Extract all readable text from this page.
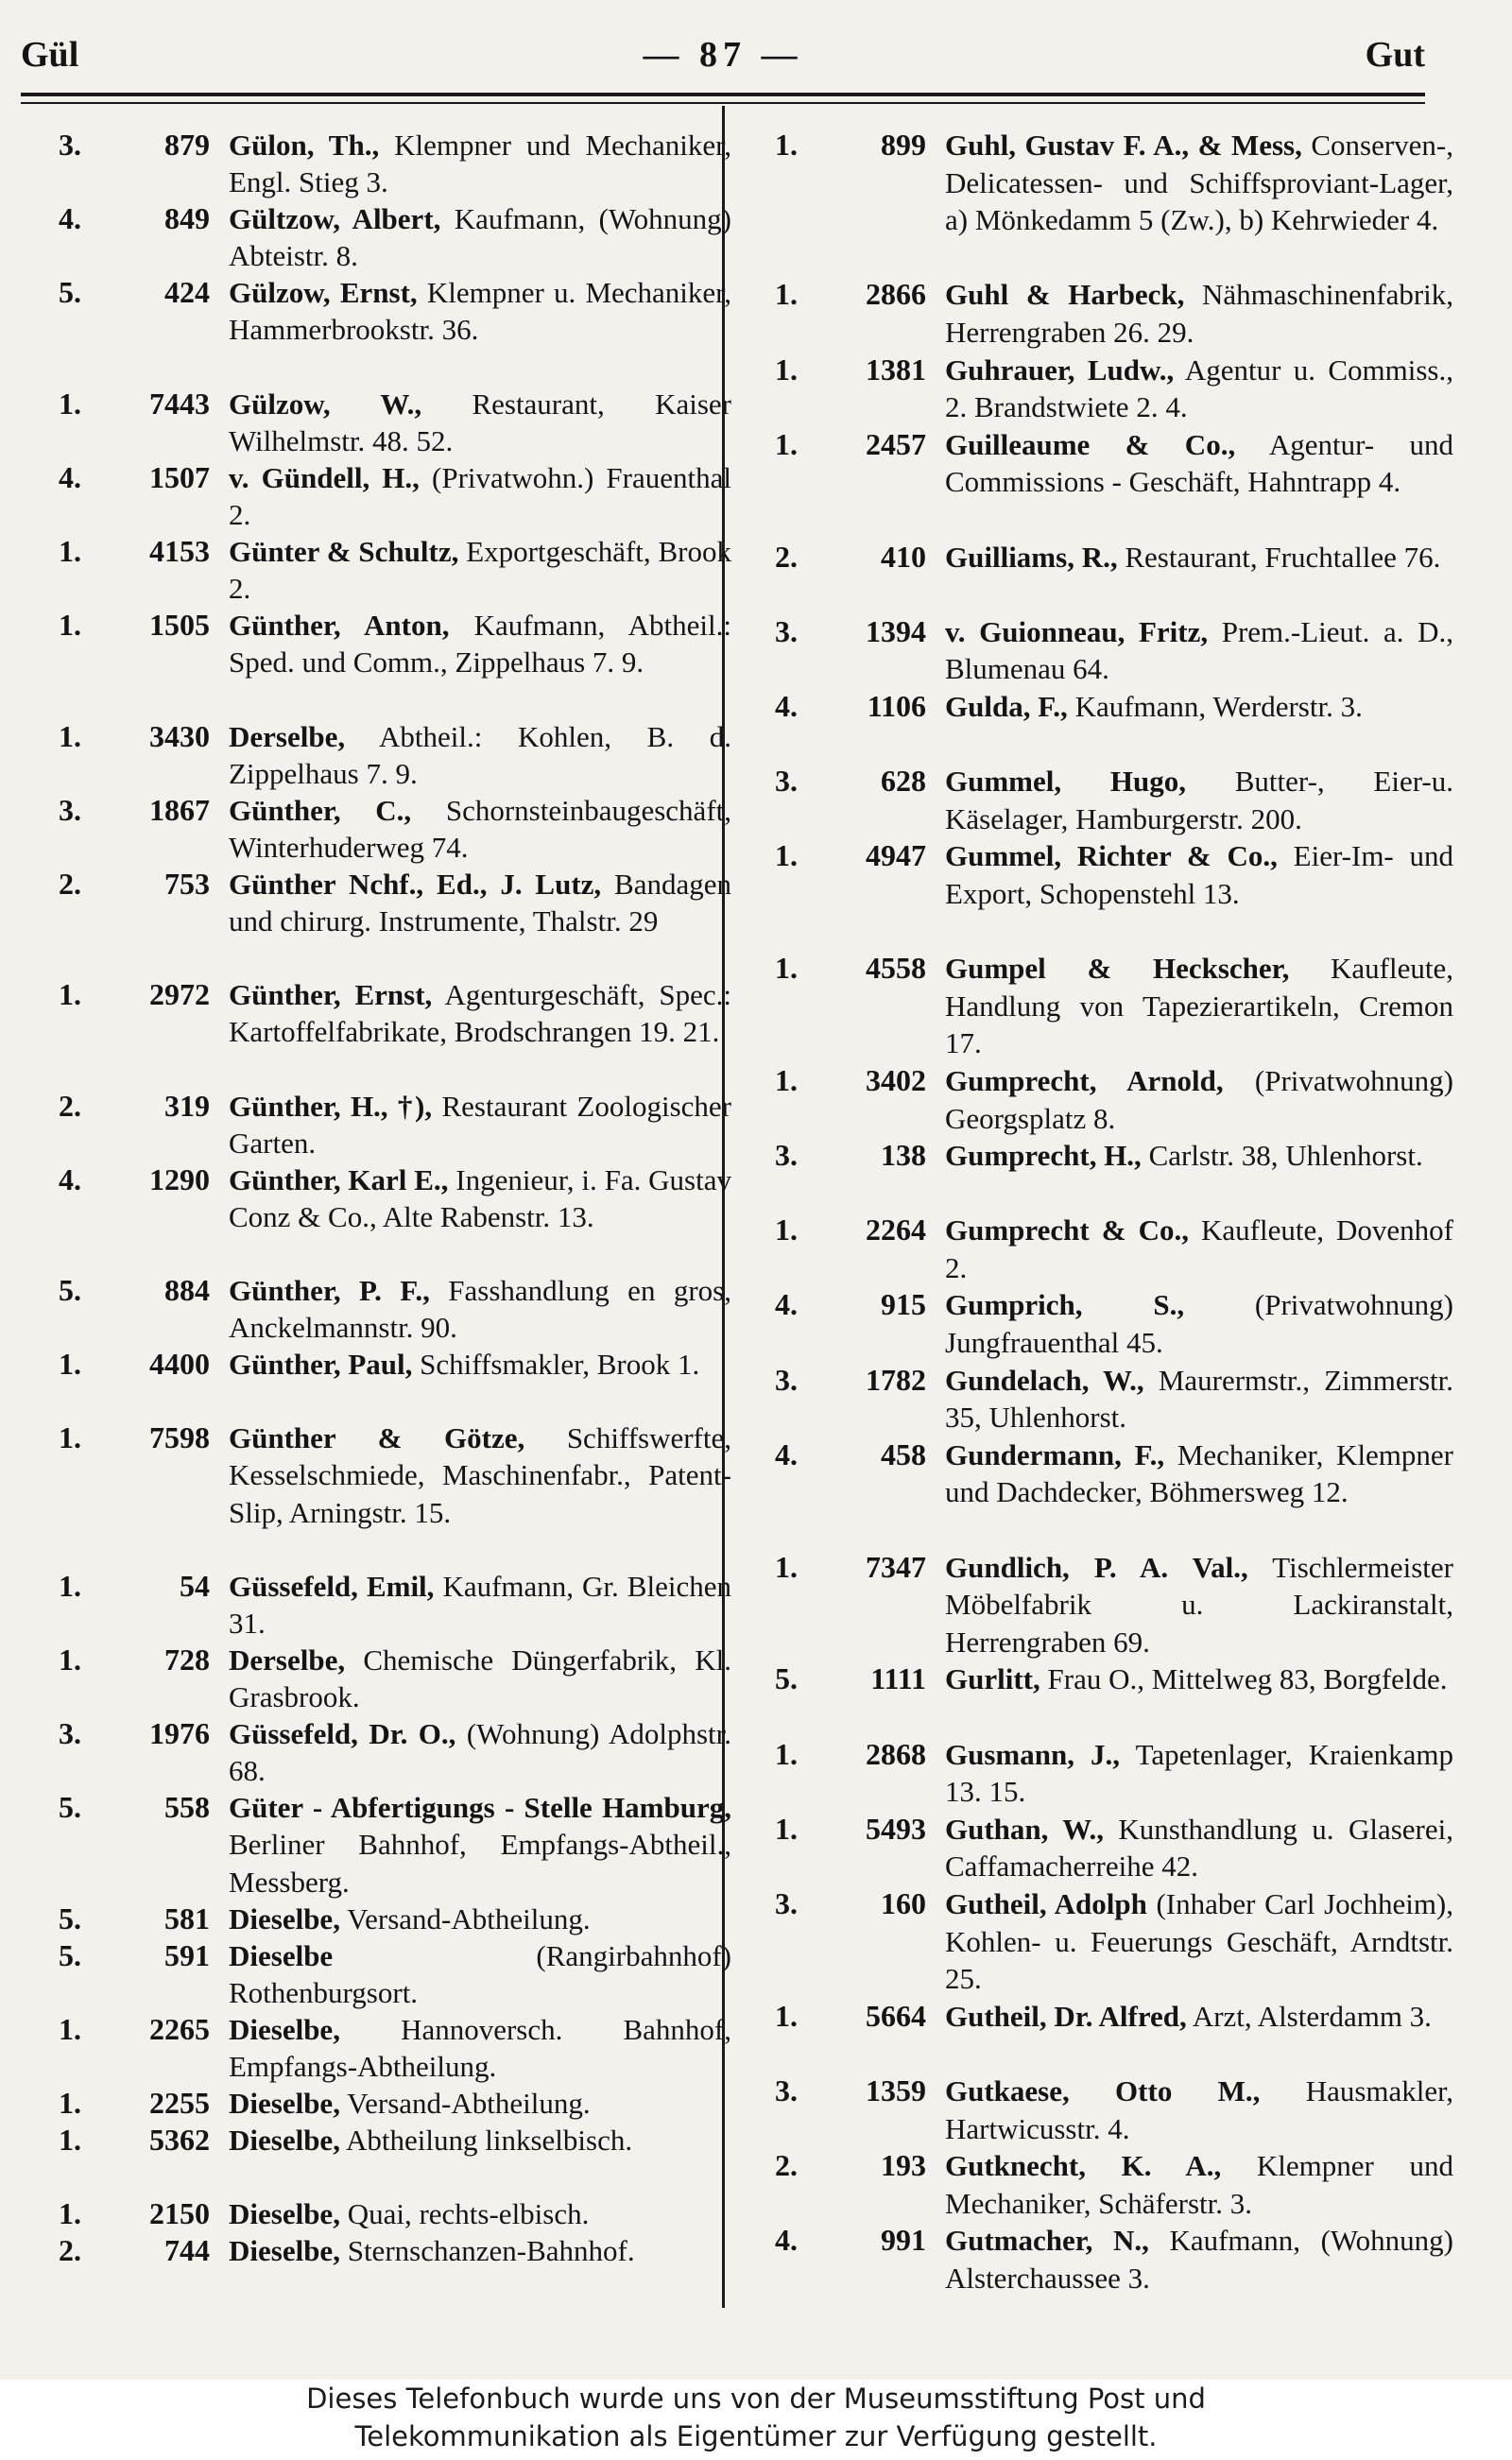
Gül	— 87 —	Gut
3.	879 Gülon, Th., Klempner und Mechaniker, Engl. Stieg 3.
4.	849 Gültzow, Albert, Kaufmann, (Wohnung) Abteistr. 8.
5.	424 Gülzow, Ernst, Klempner u. Mechaniker, Hammerbrookstr. 36.
1. 7443 Gülzow, W., Restaurant, Kaiser Wilhelmstr. 48. 52.
4. 1507 v. Gündell, H., (Privatwohn.) Frauenthal 2.
1. 4153 Günter & Schultz, Exportgeschäft, Brook 2.
1. 1505 Günther, Anton, Kaufmann, Abtheil.: Sped. und Comm., Zippelhaus 7. 9.
1. 3430 Derselbe, Abtheil.: Kohlen, B. d. Zippelhaus 7. 9.
3. 1867 Günther, C., Schornsteinbaugeschäft, Winterhuderweg 74.
2.	753 Günther Nchf., Ed., J. Lutz, Bandagen und chirurg. Instrumente, Thalstr. 29
1. 2972 Günther, Ernst, Agenturgeschäft, Spec.: Kartoffelfabrikate, Brodschrangen 19. 21.
2.	319 Günther, H., †), Restaurant Zoologischer Garten.
4. 1290 Günther, Karl E., Ingenieur, i. Fa. Gustav Conz & Co., Alte Rabenstr. 13.
5.	884 Günther, P. F., Fasshandlung en gros, Anckelmannstr. 90.
1. 4400 Günther, Paul, Schiffsmakler, Brook 1.
1. 7598 Günther & Götze, Schiffswerfte, Kesselschmiede, Maschinenfabr., Patent-Slip, Arningstr. 15.
1.	54 Güssefeld, Emil, Kaufmann, Gr. Bleichen 31.
1.	728 Derselbe, Chemische Düngerfabrik, Kl. Grasbrook.
3. 1976 Güssefeld, Dr. O., (Wohnung) Adolphstr. 68.
5.	558 Güter - Abfertigungs - Stelle Hamburg, Berliner Bahnhof, Empfangs-Abtheil., Messberg.
5.	581 Dieselbe, Versand-Abtheilung.
5.	591 Dieselbe	(Rangirbahnhof) Rothenburgsort.
1. 2265 Dieselbe, Hannoversch. Bahnhof, Empfangs-Abtheilung.
1. 2255 Dieselbe, Versand-Abtheilung.
1. 5362 Dieselbe, Abtheilung linkselbisch.
1. 2150 Dieselbe, Quai, rechts-elbisch.
2.	744 Dieselbe, Sternschanzen-Bahnhof.
1.	899 Guhl, Gustav F. A., & Mess, Conserven-, Delicatessen- und Schiffsproviant-Lager, a) Mönkedamm 5 (Zw.), b) Kehrwieder 4.
1. 2866 Guhl & Harbeck, Nähmaschinenfabrik, Herrengraben 26. 29.
1. 1381 Guhrauer, Ludw., Agentur u. Commiss., 2. Brandstwiete 2. 4.
1. 2457 Guilleaume & Co., Agentur- und Commissions - Geschäft, Hahntrapp 4.
2.	410 Guilliams, R., Restaurant, Fruchtallee 76.
3. 1394 v. Guionneau, Fritz, Prem.-Lieut. a. D., Blumenau 64.
4. 1106 Gulda, F., Kaufmann, Werderstr. 3.
3.	628 Gummel, Hugo, Butter-, Eier-u. Käselager, Hamburgerstr. 200.
1. 4947 Gummel, Richter & Co., Eier-Im- und Export, Schopenstehl 13.
1. 4558 Gumpel & Heckscher, Kaufleute, Handlung von Tapezierartikeln, Cremon 17.
1. 3402 Gumprecht, Arnold, (Privatwohnung) Georgsplatz 8.
3.	138 Gumprecht, H., Carlstr. 38, Uhlenhorst.
1. 2264 Gumprecht & Co., Kaufleute, Dovenhof 2.
4.	915 Gumprich, S., (Privatwohnung) Jungfrauenthal 45.
3. 1782 Gundelach, W., Maurermstr., Zimmerstr. 35, Uhlenhorst.
4.	458 Gundermann, F., Mechaniker, Klempner und Dachdecker, Böhmersweg 12.
1. 7347 Gundlich, P. A. Val., Tischlermeister Möbelfabrik u. Lackiranstalt, Herrengraben 69.
5. 1111 Gurlitt, Frau O., Mittelweg 83, Borgfelde.
1. 2868 Gusmann, J., Tapetenlager, Kraienkamp 13. 15.
1. 5493 Guthan, W., Kunsthandlung u. Glaserei, Caffamacherreihe 42.
3.	160 Gutheil, Adolph (Inhaber Carl Jochheim), Kohlen- u. Feuerungs Geschäft, Arndtstr. 25.
1. 5664 Gutheil, Dr. Alfred, Arzt, Alsterdamm 3.
3. 1359 Gutkaese, Otto M., Hausmakler, Hartwicusstr. 4.
2.	193 Gutknecht, K. A., Klempner und Mechaniker, Schäferstr. 3.
4.	991 Gutmacher, N., Kaufmann, (Wohnung) Alsterchaussee 3.
Dieses Telefonbuch wurde uns von der Museumsstiftung Post und
Telekommunikation als Eigentümer zur Verfügung gestellt.
